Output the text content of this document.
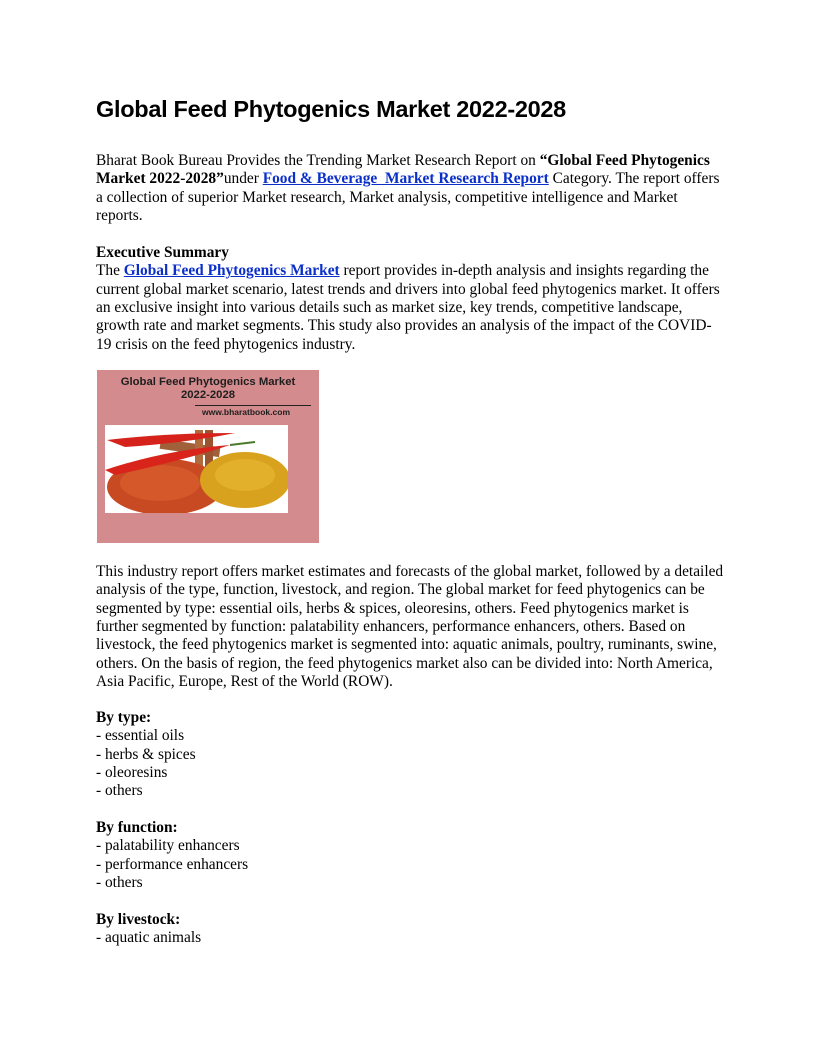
Global Feed Phytogenics Market 2022-2028

Bharat Book Bureau Provides the Trending Market Research Report on “Global Feed Phytogenics Market 2022-2028”under Food & Beverage  Market Research Report Category. The report offers a collection of superior Market research, Market analysis, competitive intelligence and Market reports.

Executive Summary
The Global Feed Phytogenics Market report provides in-depth analysis and insights regarding the current global market scenario, latest trends and drivers into global feed phytogenics market. It offers an exclusive insight into various details such as market size, key trends, competitive landscape, growth rate and market segments. This study also provides an analysis of the impact of the COVID-19 crisis on the feed phytogenics industry.

Global Feed Phytogenics Market
2022-2028
www.bharatbook.com

This industry report offers market estimates and forecasts of the global market, followed by a detailed analysis of the type, function, livestock, and region. The global market for feed phytogenics can be segmented by type: essential oils, herbs & spices, oleoresins, others. Feed phytogenics market is further segmented by function: palatability enhancers, performance enhancers, others. Based on livestock, the feed phytogenics market is segmented into: aquatic animals, poultry, ruminants, swine, others. On the basis of region, the feed phytogenics market also can be divided into: North America, Asia Pacific, Europe, Rest of the World (ROW).

By type:
- essential oils
- herbs & spices
- oleoresins
- others
By function:
- palatability enhancers
- performance enhancers
- others
By livestock:
- aquatic animals
